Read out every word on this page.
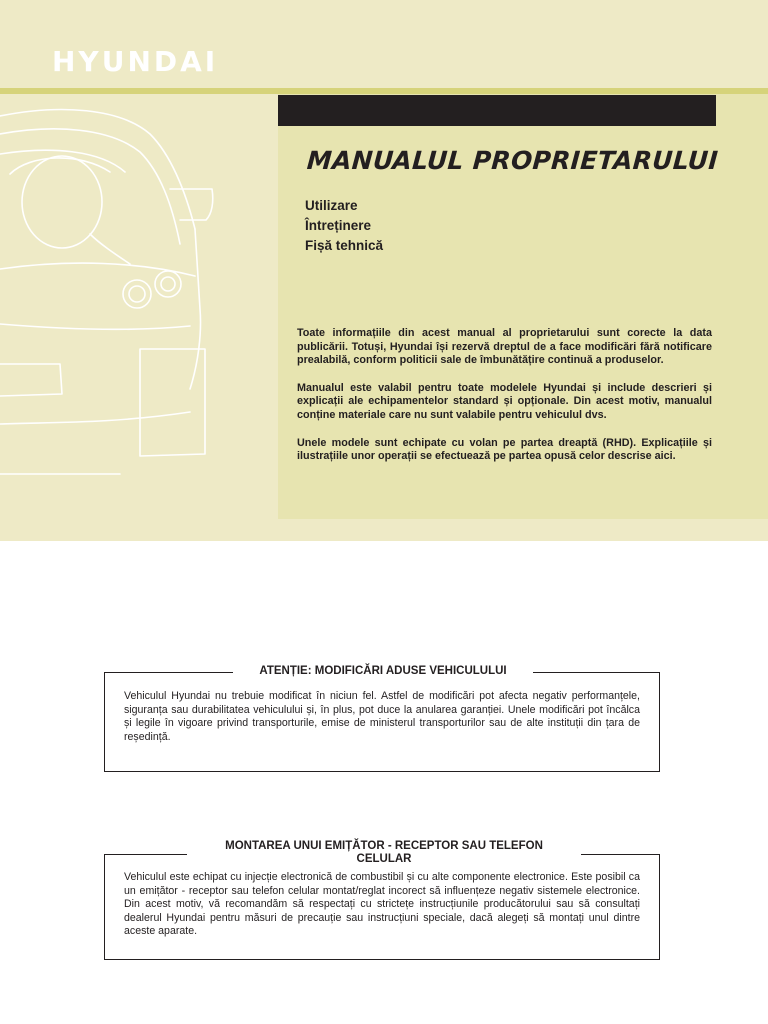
HYUNDAI
MANUALUL PROPRIETARULUI
Utilizare
Întreținere
Fișă tehnică

Toate informațiile din acest manual al proprietarului sunt corecte la data publicării. Totuși, Hyundai își rezervă dreptul de a face modificări fără notificare prealabilă, conform politicii sale de îmbunătățire continuă a produselor.

Manualul este valabil pentru toate modelele Hyundai și include descrieri și explicații ale echipamentelor standard și opționale. Din acest motiv, manualul conține materiale care nu sunt valabile pentru vehiculul dvs.

Unele modele sunt echipate cu volan pe partea dreaptă (RHD). Explicațiile și ilustrațiile unor operații se efectuează pe partea opusă celor descrise aici.

ATENȚIE: MODIFICĂRI ADUSE VEHICULULUI
Vehiculul Hyundai nu trebuie modificat în niciun fel. Astfel de modificări pot afecta negativ performanțele, siguranța sau durabilitatea vehiculului și, în plus, pot duce la anularea garanției. Unele modificări pot încălca și legile în vigoare privind transporturile, emise de ministerul transporturilor sau de alte instituții din țara de reședință.
MONTAREA UNUI EMIȚĂTOR - RECEPTOR SAU TELEFON CELULAR
Vehiculul este echipat cu injecție electronică de combustibil și cu alte componente electronice. Este posibil ca un emițător - receptor sau telefon celular montat/reglat incorect să influențeze negativ sistemele electronice. Din acest motiv, vă recomandăm să respectați cu strictețe instrucțiunile producătorului sau să consultați dealerul Hyundai pentru măsuri de precauție sau instrucțiuni speciale, dacă alegeți să montați unul dintre aceste aparate.
